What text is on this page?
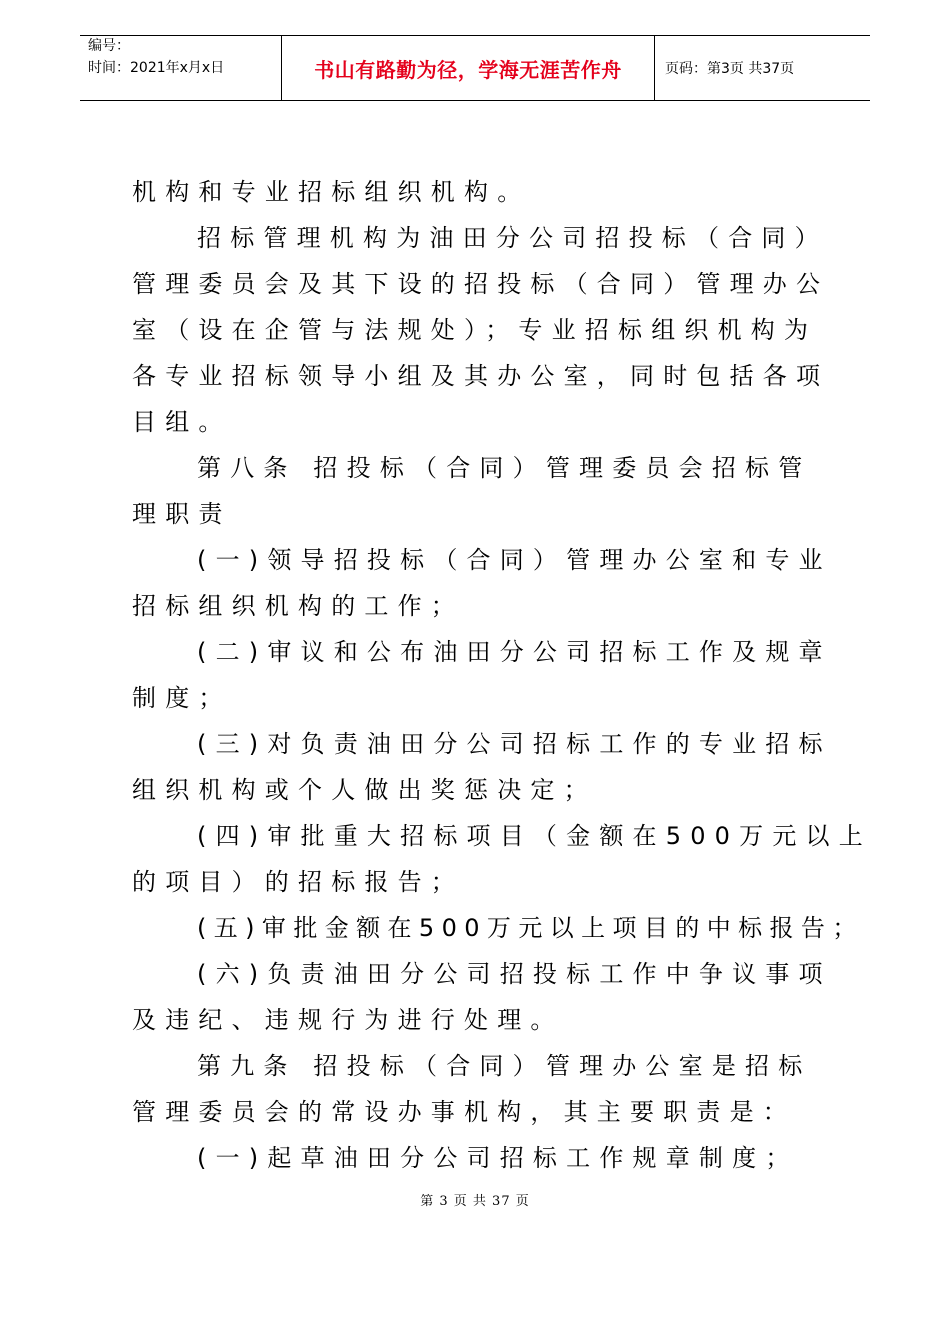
编号：
时间：2021年x月x日	书山有路勤为径，学海无涯苦作舟	页码：第3页 共37页
机构和专业招标组织机构。
招标管理机构为油田分公司招投标（合同）
管理委员会及其下设的招投标（合同）管理办公
室（设在企管与法规处）；专业招标组织机构为
各专业招标领导小组及其办公室，同时包括各项
目组。
第八条 招投标（合同）管理委员会招标管
理职责
(一)领导招投标（合同）管理办公室和专业
招标组织机构的工作；
(二)审议和公布油田分公司招标工作及规章
制度；
(三)对负责油田分公司招标工作的专业招标
组织机构或个人做出奖惩决定；
(四)审批重大招标项目（金额在500万元以上
的项目）的招标报告；
(五)审批金额在500万元以上项目的中标报告；
(六)负责油田分公司招投标工作中争议事项
及违纪、违规行为进行处理。
第九条 招投标（合同）管理办公室是招标
管理委员会的常设办事机构，其主要职责是：
(一)起草油田分公司招标工作规章制度；
第 3 页 共 37 页
